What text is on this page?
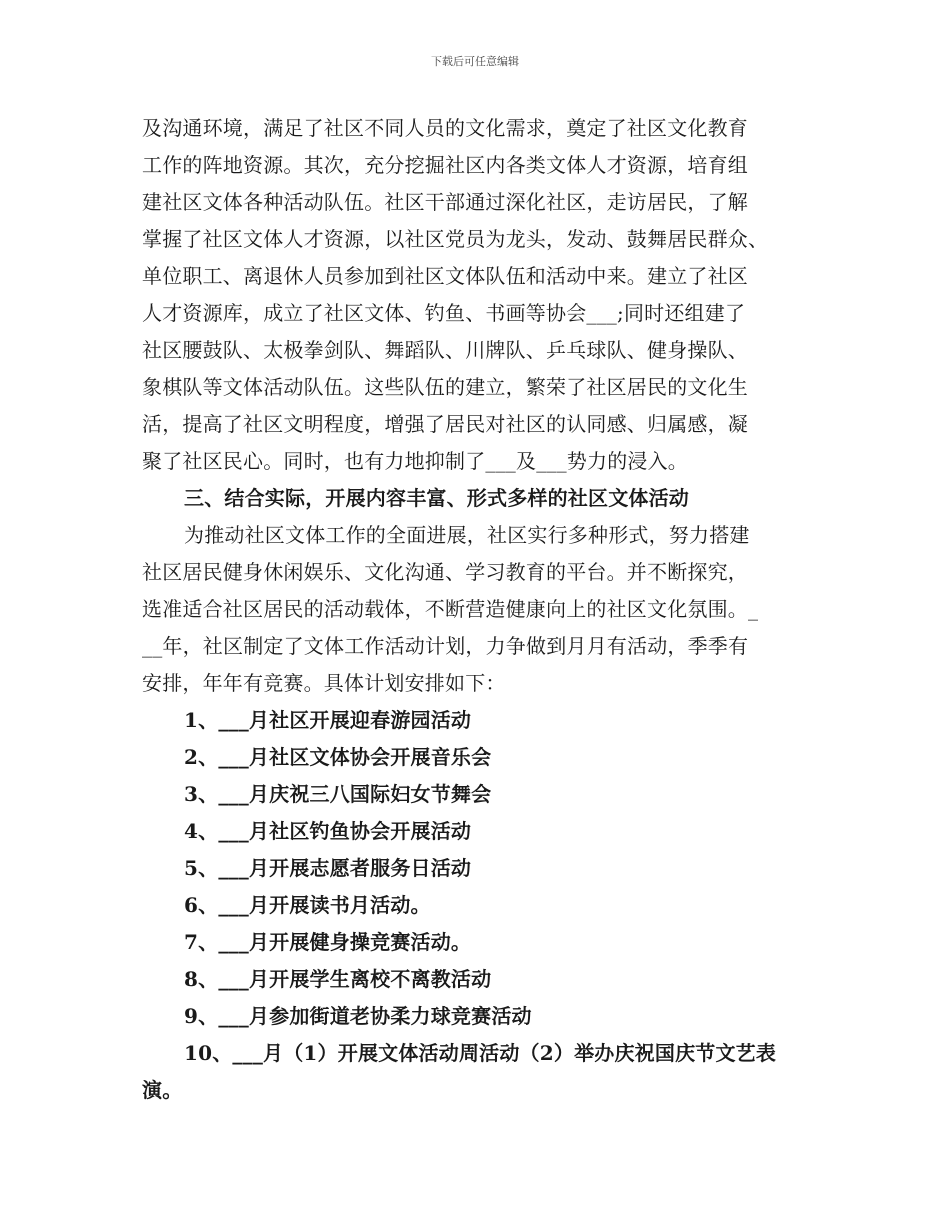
下载后可任意编辑
及沟通环境，满足了社区不同人员的文化需求，奠定了社区文化教育
工作的阵地资源。其次，充分挖掘社区内各类文体人才资源，培育组
建社区文体各种活动队伍。社区干部通过深化社区，走访居民，了解
掌握了社区文体人才资源，以社区党员为龙头，发动、鼓舞居民群众、
单位职工、离退休人员参加到社区文体队伍和活动中来。建立了社区
人才资源库，成立了社区文体、钓鱼、书画等协会___;同时还组建了
社区腰鼓队、太极拳剑队、舞蹈队、川牌队、乒乓球队、健身操队、
象棋队等文体活动队伍。这些队伍的建立，繁荣了社区居民的文化生
活，提高了社区文明程度，增强了居民对社区的认同感、归属感，凝
聚了社区民心。同时，也有力地抑制了___及___势力的浸入。
三、结合实际，开展内容丰富、形式多样的社区文体活动
为推动社区文体工作的全面进展，社区实行多种形式，努力搭建
社区居民健身休闲娱乐、文化沟通、学习教育的平台。并不断探究，
选准适合社区居民的活动载体，不断营造健康向上的社区文化氛围。_
__年，社区制定了文体工作活动计划，力争做到月月有活动，季季有
安排，年年有竞赛。具体计划安排如下：
1、___月社区开展迎春游园活动
2、___月社区文体协会开展音乐会
3、___月庆祝三八国际妇女节舞会
4、___月社区钓鱼协会开展活动
5、___月开展志愿者服务日活动
6、___月开展读书月活动。
7、___月开展健身操竞赛活动。
8、___月开展学生离校不离教活动
9、___月参加街道老协柔力球竞赛活动
10、___月（1）开展文体活动周活动（2）举办庆祝国庆节文艺表
演。
